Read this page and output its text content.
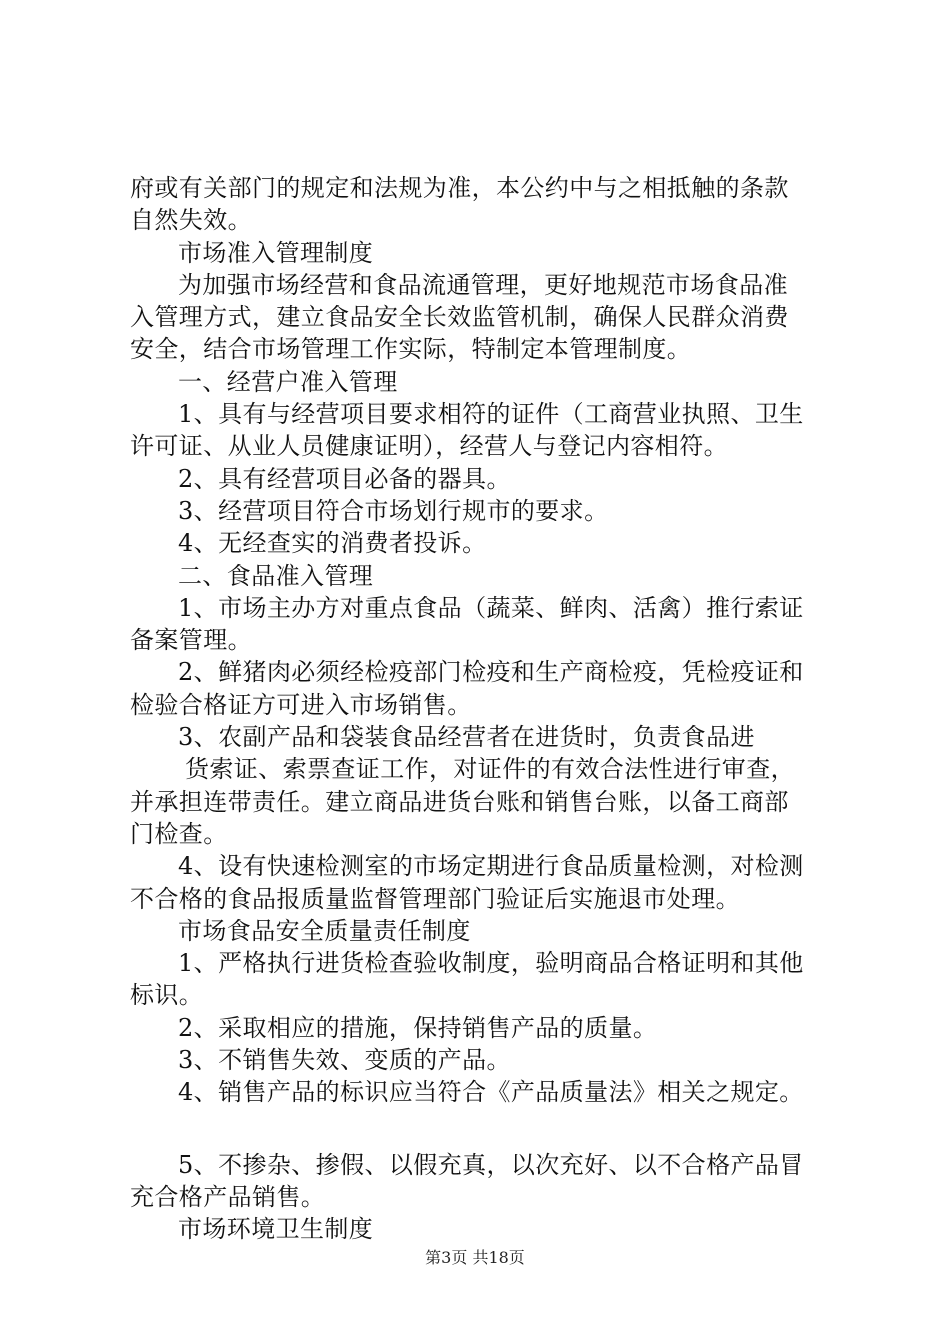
府或有关部门的规定和法规为准，本公约中与之相抵触的条款
自然失效。
市场准入管理制度
为加强市场经营和食品流通管理，更好地规范市场食品准
入管理方式，建立食品安全长效监管机制，确保人民群众消费
安全，结合市场管理工作实际，特制定本管理制度。
一、经营户准入管理
1、具有与经营项目要求相符的证件（工商营业执照、卫生
许可证、从业人员健康证明），经营人与登记内容相符。
2、具有经营项目必备的器具。
3、经营项目符合市场划行规市的要求。
4、无经查实的消费者投诉。
二、食品准入管理
1、市场主办方对重点食品（蔬菜、鲜肉、活禽）推行索证
备案管理。
2、鲜猪肉必须经检疫部门检疫和生产商检疫，凭检疫证和
检验合格证方可进入市场销售。
3、农副产品和袋装食品经营者在进货时，负责食品进
货索证、索票查证工作，对证件的有效合法性进行审查，
并承担连带责任。建立商品进货台账和销售台账，以备工商部
门检查。
4、设有快速检测室的市场定期进行食品质量检测，对检测
不合格的食品报质量监督管理部门验证后实施退市处理。
市场食品安全质量责任制度
1、严格执行进货检查验收制度，验明商品合格证明和其他
标识。
2、采取相应的措施，保持销售产品的质量。
3、不销售失效、变质的产品。
4、销售产品的标识应当符合《产品质量法》相关之规定。
5、不掺杂、掺假、以假充真，以次充好、以不合格产品冒
充合格产品销售。
市场环境卫生制度
第3页 共18页
